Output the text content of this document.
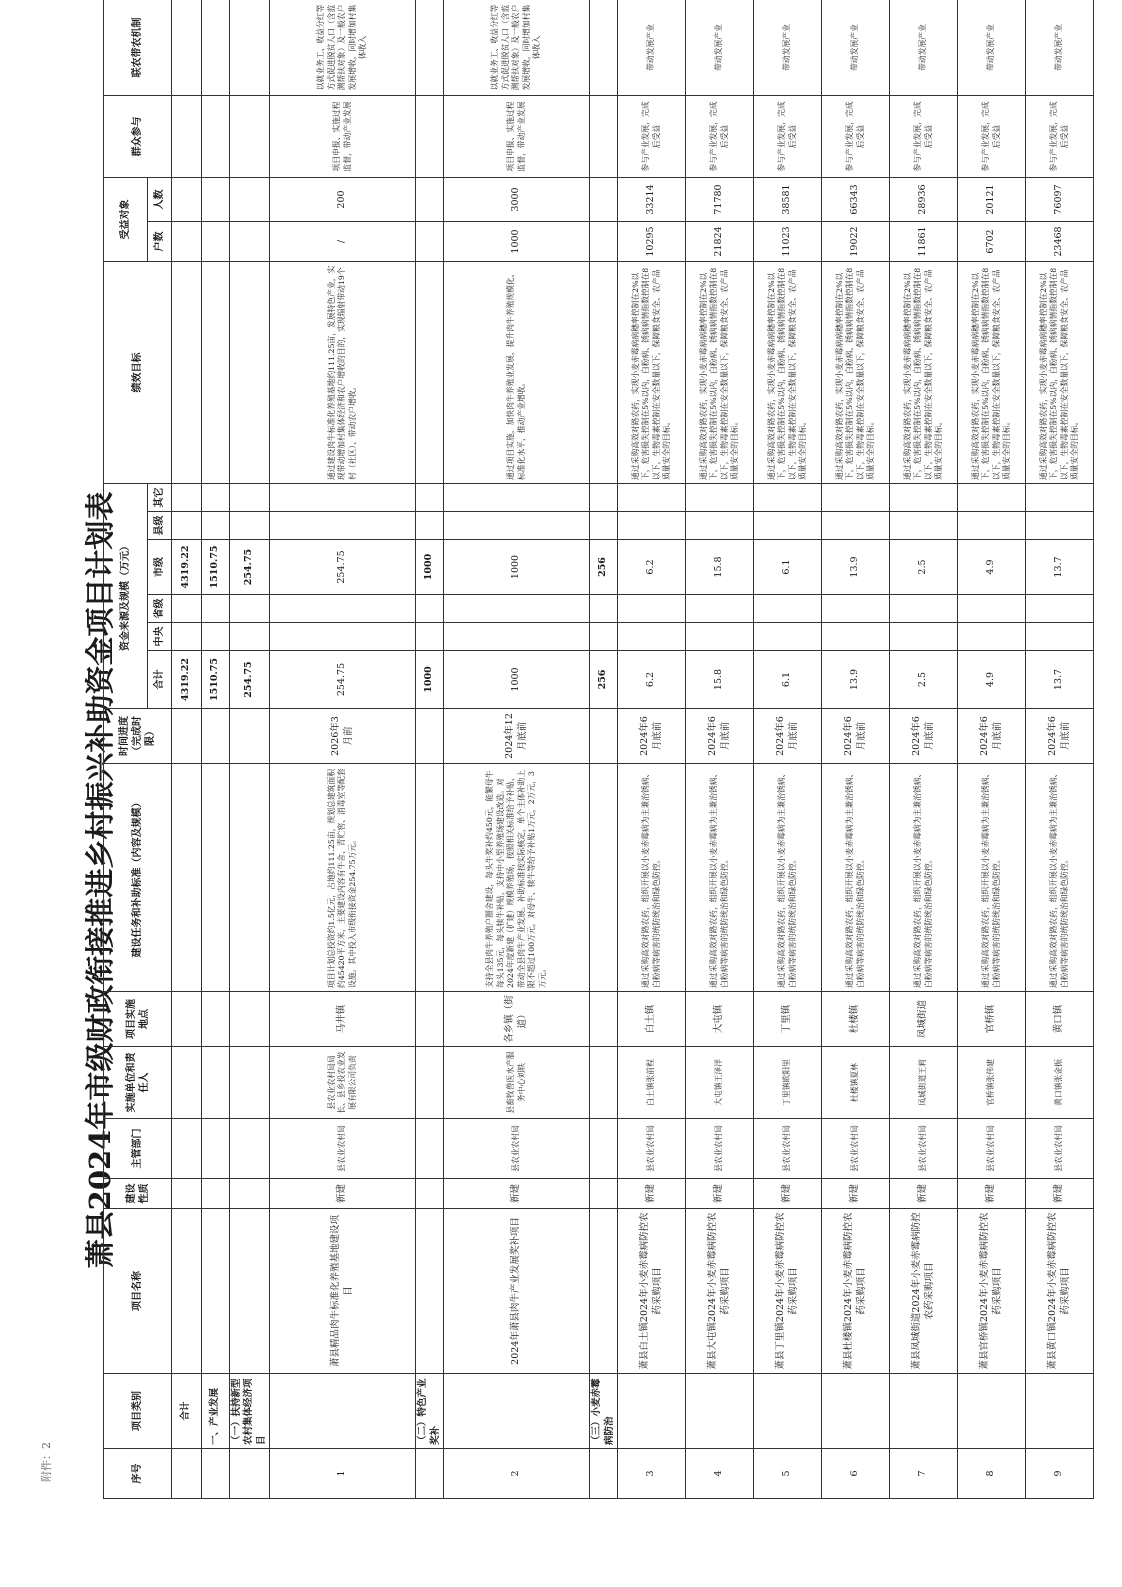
附件：2
萧县2024年市级财政衔接推进乡村振兴补助资金项目计划表
序号	项目类别	项目名称	建设性质	主管部门	实施单位和责任人	项目实施地点	建设任务和补助标准（内容及规模）	时间进度（完成时限）	资金来源及规模（万元）						绩效目标	受益对象		群众参与	联农带农机制
									合计	中央	省级	市级	县级	其它		户数	人数		
	合计								4319.22			4319.22							
	一、产业发展								1510.75			1510.75							
	（一）扶持新型农村集体经济项目								254.75			254.75							
1		萧县精品肉牛标准化养殖基地建设项目	新建	县农业农村局	县农业农村局局长、县乡投农业发展有限公司负责	马井镇	项目计划总投资约1.5亿元，占地约111.25亩，规划总建筑面积约45420平方米，主要建设内容有牛舍、青贮窖、消毒室等配套设施。其中投入市级衔接资金254.75万元。	2026年3月前	254.75			254.75			通过建设肉牛标准化养殖基地约111.25亩，发展特色产业，实现带动增加村集体经济和农户增收的目的，实现辐射带动19个村（社区）、带动农户增收。	/	200	项目申报、实施过程监督，带动产业发展	以就业务工、收益分红等方式促进脱贫人口（含监测帮扶对象）及一般农户发展增收，同时增加村集体收入
	（二）特色产业奖补								1000			1000							
2		2024年萧县肉牛产业发展奖补项目	新建	县农业农村局	县畜牧兽医水产服务中心刘轶	各乡镇（街道）	支持全县肉牛养殖户圈舍建设，每头牛奖补约450元，能繁母牛每头135元，每头犊牛补贴，支持中小型养殖场建设改造。对2024年度新建（扩建）规模养殖场，按照相关标准给予补贴，带动全县肉牛产业发展。补助标准按实际核定，单个主体补助上限不超过100万元，对母牛、犊牛等给予补贴1万元，2万元，3万元。	2024年12月底前	1000			1000			通过项目实施，加快肉牛养殖业发展，提升肉牛养殖规模化、标准化水平，推动产业增收。	1000	3000	项目申报、实施过程监督，带动产业发展	以就业务工、收益分红等方式促进脱贫人口（含监测帮扶对象）及一般农户发展增收，同时增加村集体收入
	（三）小麦赤霉病防治								256			256							
3		萧县白土镇2024年小麦赤霉病防控农药采购项目	新建	县农业农村局	白土镇张前程	白土镇	通过采购高效对路农药，组织开展以小麦赤霉病为主兼治锈病、白粉病等病害的统防统治和绿色防控。	2024年6月底前	6.2			6.2			通过采购高效对路农药，实现小麦赤霉病病穗率控制在2%以下，危害损失控制在5%以内，白粉病、锈病病情指数控制在8以下，生物毒素控制在安全数量以下，保障粮食安全、农产品质量安全的目标。	10295	33214	参与产业发展，完成后受益	带动发展产业
4		萧县大屯镇2024年小麦赤霉病防控农药采购项目	新建	县农业农村局	大屯镇王泽洋	大屯镇	通过采购高效对路农药，组织开展以小麦赤霉病为主兼治锈病、白粉病等病害的统防统治和绿色防控。	2024年6月底前	15.8			15.8			通过采购高效对路农药，实现小麦赤霉病病穗率控制在2%以下，危害损失控制在5%以内，白粉病、锈病病情指数控制在8以下，生物毒素控制在安全数量以下，保障粮食安全、农产品质量安全的目标。	21824	71780	参与产业发展，完成后受益	带动发展产业
5		萧县丁里镇2024年小麦赤霉病防控农药采购项目	新建	县农业农村局	丁里镇欧阳里	丁里镇	通过采购高效对路农药，组织开展以小麦赤霉病为主兼治锈病、白粉病等病害的统防统治和绿色防控。	2024年6月底前	6.1			6.1			通过采购高效对路农药，实现小麦赤霉病病穗率控制在2%以下，危害损失控制在5%以内，白粉病、锈病病情指数控制在8以下，生物毒素控制在安全数量以下，保障粮食安全、农产品质量安全的目标。	11023	38581	参与产业发展，完成后受益	带动发展产业
6		萧县杜楼镇2024年小麦赤霉病防控农药采购项目	新建	县农业农村局	杜楼镇夏林	杜楼镇	通过采购高效对路农药，组织开展以小麦赤霉病为主兼治锈病、白粉病等病害的统防统治和绿色防控。	2024年6月底前	13.9			13.9			通过采购高效对路农药，实现小麦赤霉病病穗率控制在2%以下，危害损失控制在5%以内，白粉病、锈病病情指数控制在8以下，生物毒素控制在安全数量以下，保障粮食安全、农产品质量安全的目标。	19022	66343	参与产业发展，完成后受益	带动发展产业
7		萧县凤城街道2024年小麦赤霉病防控农药采购项目	新建	县农业农村局	凤城街道王莉	凤城街道	通过采购高效对路农药，组织开展以小麦赤霉病为主兼治锈病、白粉病等病害的统防统治和绿色防控。	2024年6月底前	2.5			2.5			通过采购高效对路农药，实现小麦赤霉病病穗率控制在2%以下，危害损失控制在5%以内，白粉病、锈病病情指数控制在8以下，生物毒素控制在安全数量以下，保障粮食安全、农产品质量安全的目标。	11861	28936	参与产业发展，完成后受益	带动发展产业
8		萧县官桥镇2024年小麦赤霉病防控农药采购项目	新建	县农业农村局	官桥镇张伟建	官桥镇	通过采购高效对路农药，组织开展以小麦赤霉病为主兼治锈病、白粉病等病害的统防统治和绿色防控。	2024年6月底前	4.9			4.9			通过采购高效对路农药，实现小麦赤霉病病穗率控制在2%以下，危害损失控制在5%以内，白粉病、锈病病情指数控制在8以下，生物毒素控制在安全数量以下，保障粮食安全、农产品质量安全的目标。	6702	20121	参与产业发展，完成后受益	带动发展产业
9		萧县黄口镇2024年小麦赤霉病防控农药采购项目	新建	县农业农村局	黄口镇张金振	黄口镇	通过采购高效对路农药，组织开展以小麦赤霉病为主兼治锈病、白粉病等病害的统防统治和绿色防控。	2024年6月底前	13.7			13.7			通过采购高效对路农药，实现小麦赤霉病病穗率控制在2%以下，危害损失控制在5%以内，白粉病、锈病病情指数控制在8以下，生物毒素控制在安全数量以下，保障粮食安全、农产品质量安全的目标。	23468	76097	参与产业发展，完成后受益	带动发展产业
